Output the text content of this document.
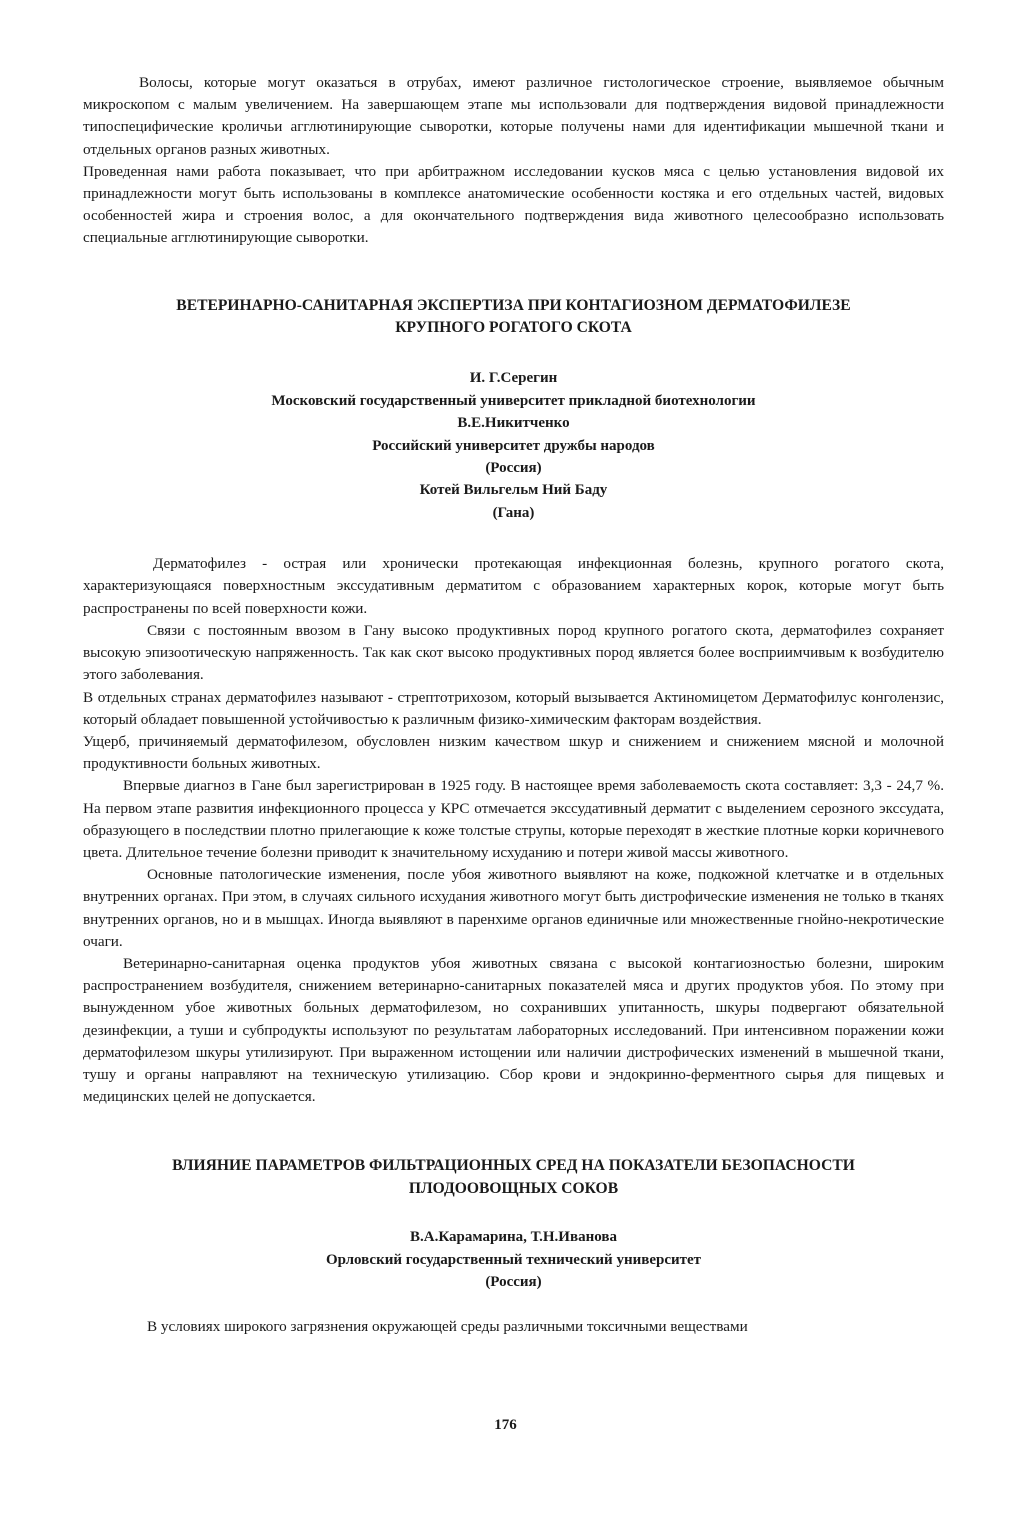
Волосы, которые могут оказаться в отрубах, имеют различное гистологическое строение, выявляемое обычным микроскопом с малым увеличением. На завершающем этапе мы использовали для подтверждения видовой принадлежности типоспецифические кроличьи агглютинирующие сыворотки, которые получены нами для идентификации мышечной ткани и отдельных органов разных животных.

Проведенная нами работа показывает, что при арбитражном исследовании кусков мяса с целью установления видовой их принадлежности могут быть использованы в комплексе анатомические особенности костяка и его отдельных частей, видовых особенностей жира и строения волос, а для окончательного подтверждения вида животного целесообразно использовать специальные агглютинирующие сыворотки.

ВЕТЕРИНАРНО-САНИТАРНАЯ ЭКСПЕРТИЗА ПРИ КОНТАГИОЗНОМ ДЕРМАТОФИЛЕЗЕ

КРУПНОГО РОГАТОГО СКОТА

И. Г.Серегин

Московский государственный университет прикладной биотехнологии

В.Е.Никитченко

Российский университет дружбы народов

(Россия)

Котей Вильгельм Ний Баду

(Гана)

Дерматофилез - острая или хронически протекающая инфекционная болезнь, крупного рогатого скота, характеризующаяся поверхностным экссудативным дерматитом с образованием характерных корок, которые могут быть распространены по всей поверхности кожи.

Связи с постоянным ввозом в Гану высоко продуктивных пород крупного рогатого скота, дерматофилез сохраняет высокую эпизоотическую напряженность. Так как скот высоко продуктивных пород является более восприимчивым к возбудителю этого заболевания.

В отдельных странах дерматофилез называют - стрептотрихозом, который вызывается Актиномицетом Дерматофилус конголензис, который обладает повышенной устойчивостью к различным физико-химическим факторам воздействия.

Ущерб, причиняемый дерматофилезом, обусловлен низким качеством шкур и снижением и снижением мясной и молочной продуктивности больных животных.

Впервые диагноз в Гане был зарегистрирован в 1925 году. В настоящее время заболеваемость скота составляет: 3,3 - 24,7 %. На первом этапе развития инфекционного процесса у КРС отмечается экссудативный дерматит с выделением серозного экссудата, образующего в последствии плотно прилегающие к коже толстые струпы, которые переходят в жесткие плотные корки коричневого цвета. Длительное течение болезни приводит к значительному исхуданию и потери живой массы животного.

Основные патологические изменения, после убоя животного выявляют на коже, подкожной клетчатке и в отдельных внутренних органах. При этом, в случаях сильного исхудания животного могут быть дистрофические изменения не только в тканях внутренних органов, но и в мышцах. Иногда выявляют в паренхиме органов единичные или множественные гнойно-некротические очаги.

Ветеринарно-санитарная оценка продуктов убоя животных связана с высокой контагиозностью болезни, широким распространением возбудителя, снижением ветеринарно-санитарных показателей мяса и других продуктов убоя. По этому при вынужденном убое животных больных дерматофилезом, но сохранивших упитанность, шкуры подвергают обязательной дезинфекции, а туши и субпродукты используют по результатам лабораторных исследований. При интенсивном поражении кожи дерматофилезом шкуры утилизируют. При выраженном истощении или наличии дистрофических изменений в мышечной ткани, тушу и органы направляют на техническую утилизацию. Сбор крови и эндокринно-ферментного сырья для пищевых и медицинских целей не допускается.

ВЛИЯНИЕ ПАРАМЕТРОВ ФИЛЬТРАЦИОННЫХ СРЕД НА ПОКАЗАТЕЛИ БЕЗОПАСНОСТИ

ПЛОДООВОЩНЫХ СОКОВ

В.А.Карамарина, Т.Н.Иванова

Орловский государственный технический университет

(Россия)

В условиях широкого загрязнения окружающей среды различными токсичными веществами

176
